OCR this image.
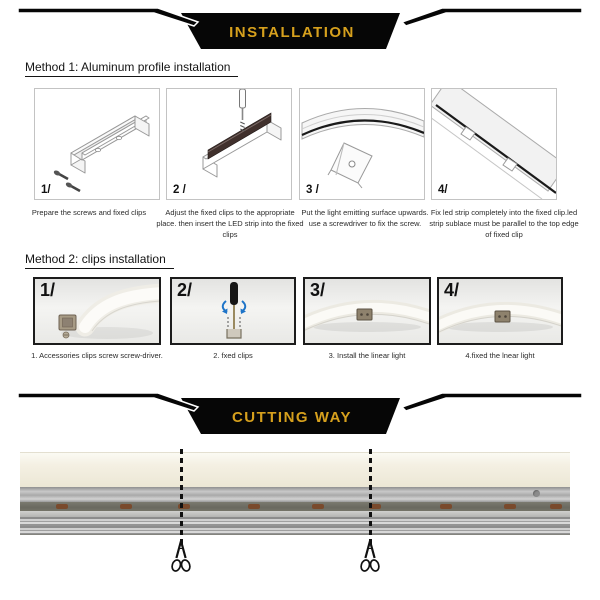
INSTALLATION
Method 1: Aluminum profile installation
1/	2 /	3 /	4/
Prepare the screws and fixed clips	Adjust the fixed clips to the appropriate place. then insert the LED strip into the fixed clips
Put the light emitting surface upwards. use a screwdriver to fix the screw.
Fix led strip completely into the fixed clip.led strip sublace must be parallel to the top edge of fixed clip
Method 2: clips installation
1/	2/	3/	4/
1. Accessories clips screw screw-driver.	2. fxed clips	3. Install the linear light	4.fixed the lnear light
CUTTING WAY
